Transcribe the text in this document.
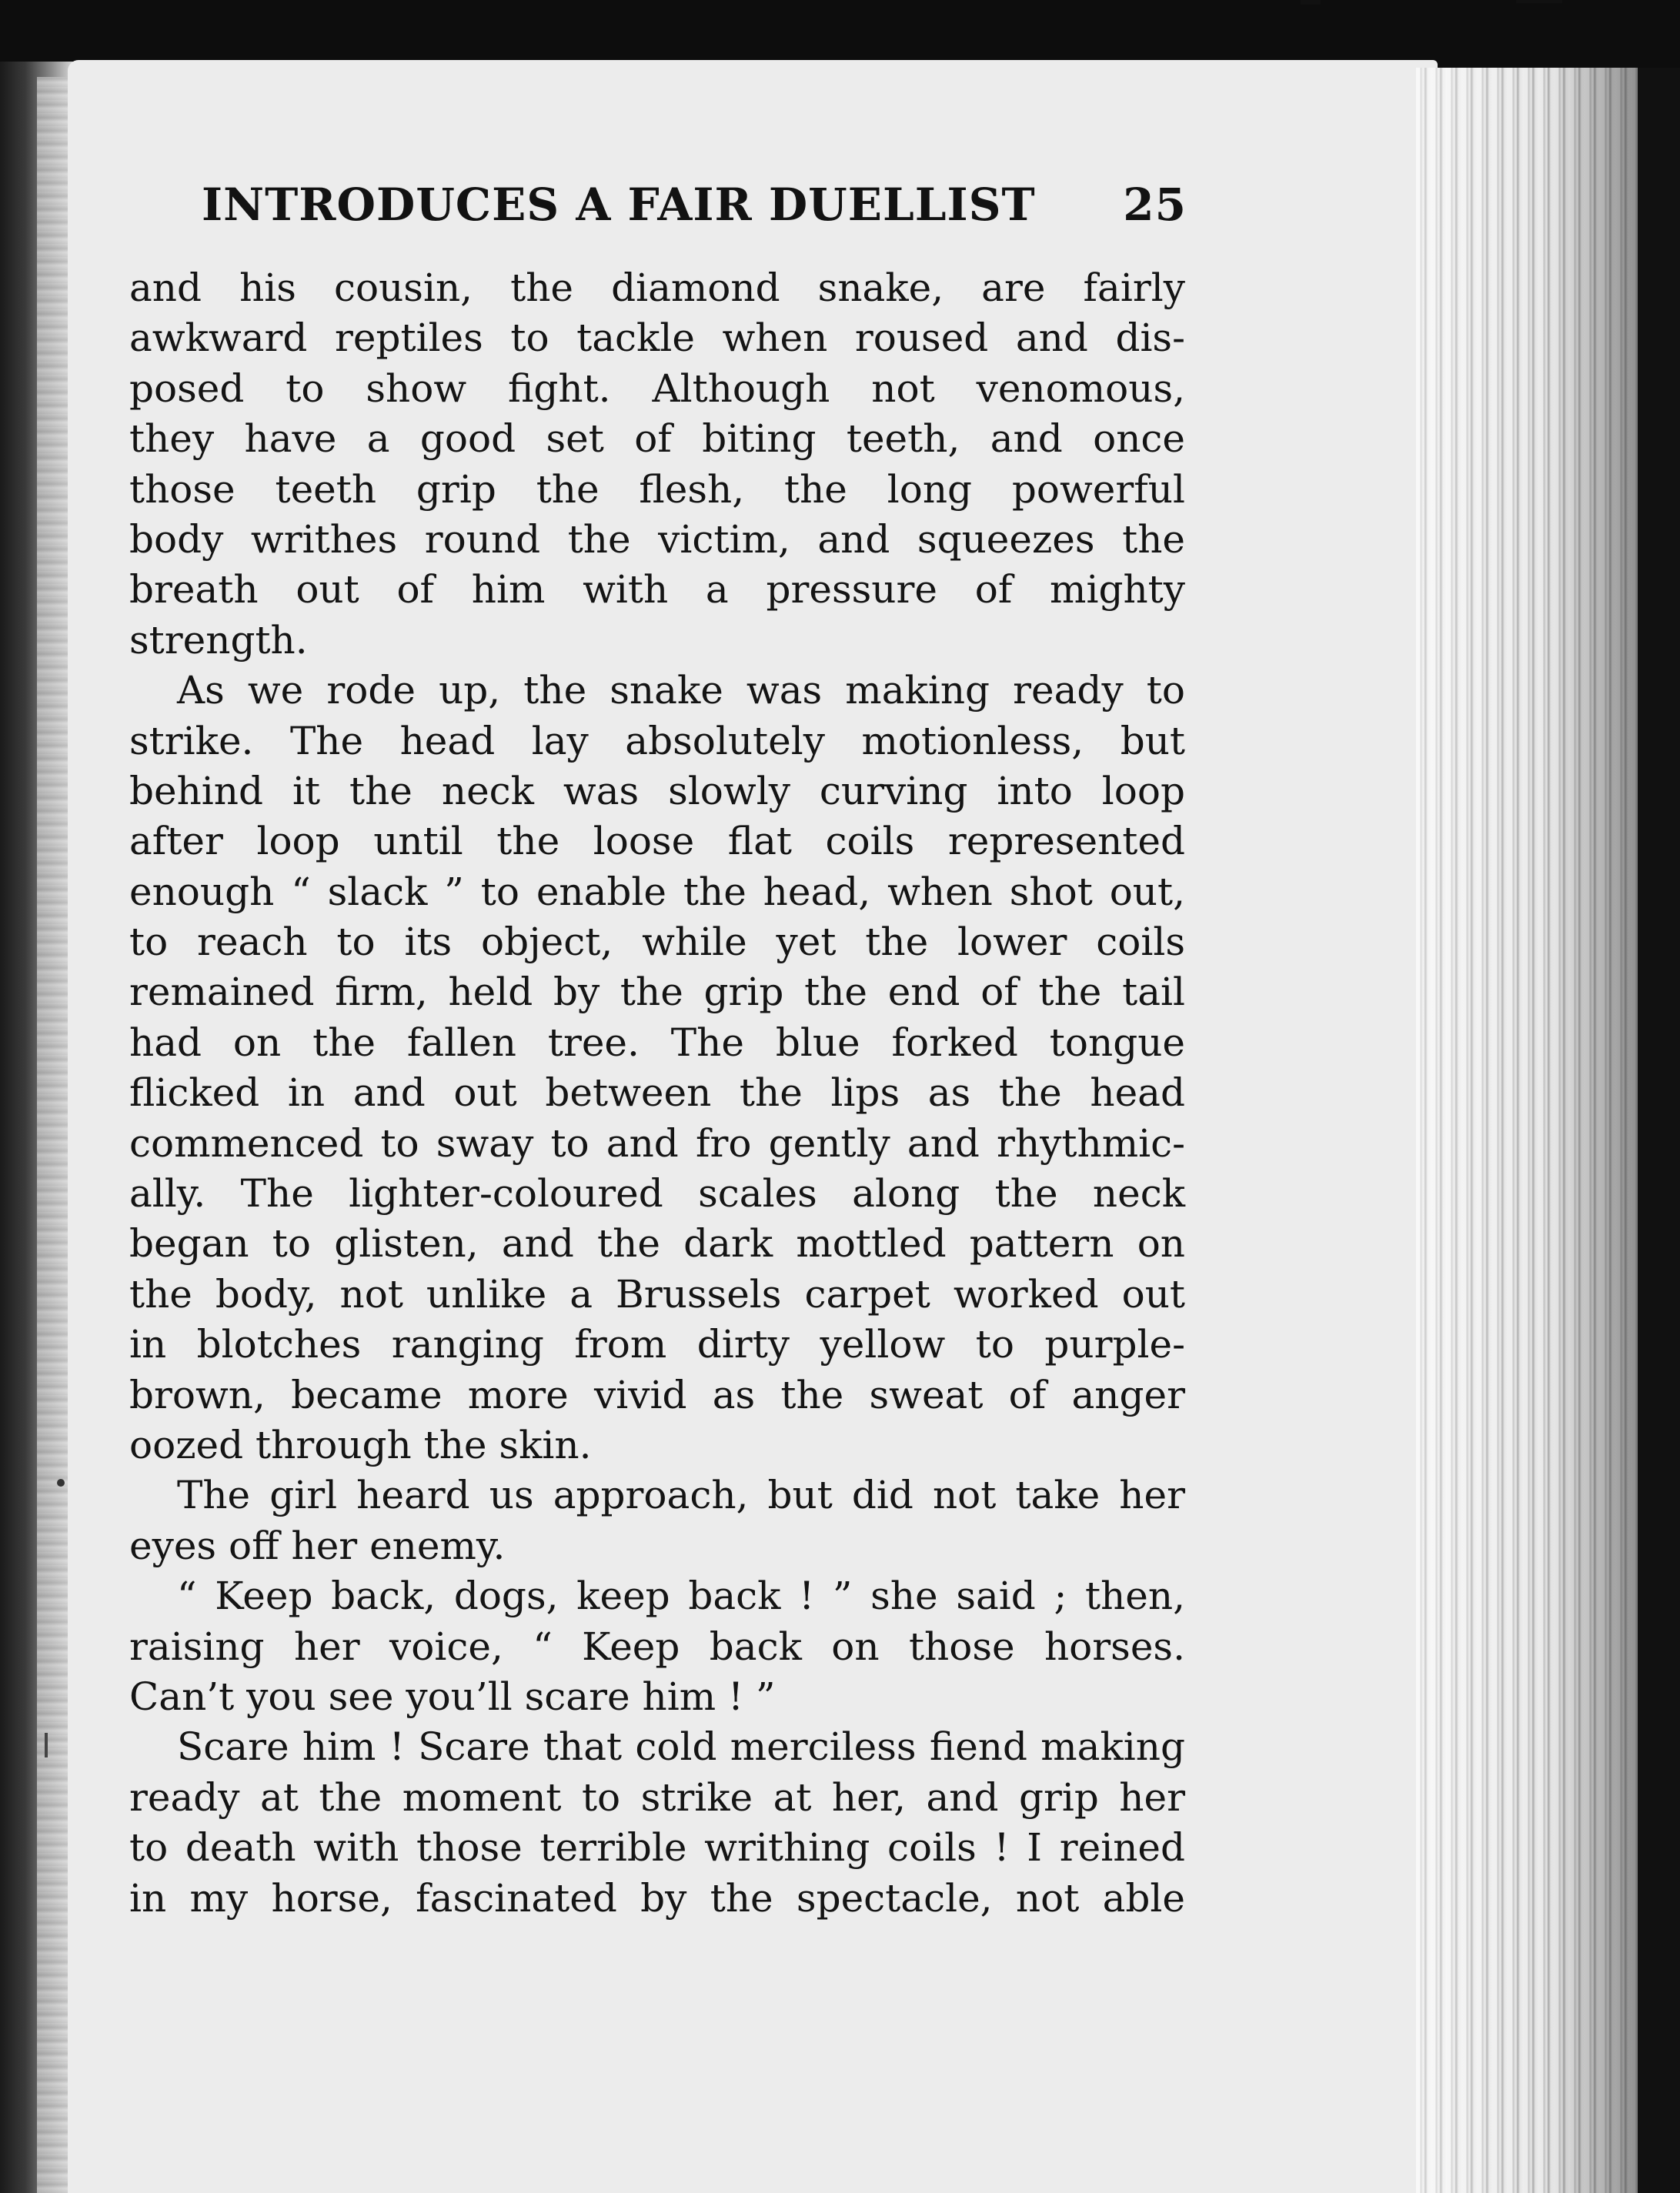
INTRODUCES A FAIR DUELLIST 25
and his cousin, the diamond snake, are fairly
awkward reptiles to tackle when roused and dis-
posed to show fight. Although not venomous,
they have a good set of biting teeth, and once
those teeth grip the flesh, the long powerful
body writhes round the victim, and squeezes the
breath out of him with a pressure of mighty
strength.
As we rode up, the snake was making ready to
strike. The head lay absolutely motionless, but
behind it the neck was slowly curving into loop
after loop until the loose flat coils represented
enough “ slack ” to enable the head, when shot out,
to reach to its object, while yet the lower coils
remained firm, held by the grip the end of the tail
had on the fallen tree. The blue forked tongue
flicked in and out between the lips as the head
commenced to sway to and fro gently and rhythmic-
ally. The lighter-coloured scales along the neck
began to glisten, and the dark mottled pattern on
the body, not unlike a Brussels carpet worked out
in blotches ranging from dirty yellow to purple-
brown, became more vivid as the sweat of anger
oozed through the skin.
The girl heard us approach, but did not take her
eyes off her enemy.
“ Keep back, dogs, keep back ! ” she said ; then,
raising her voice, “ Keep back on those horses.
Can’t you see you’ll scare him ! ”
Scare him ! Scare that cold merciless fiend making
ready at the moment to strike at her, and grip her
to death with those terrible writhing coils ! I reined
in my horse, fascinated by the spectacle, not able
